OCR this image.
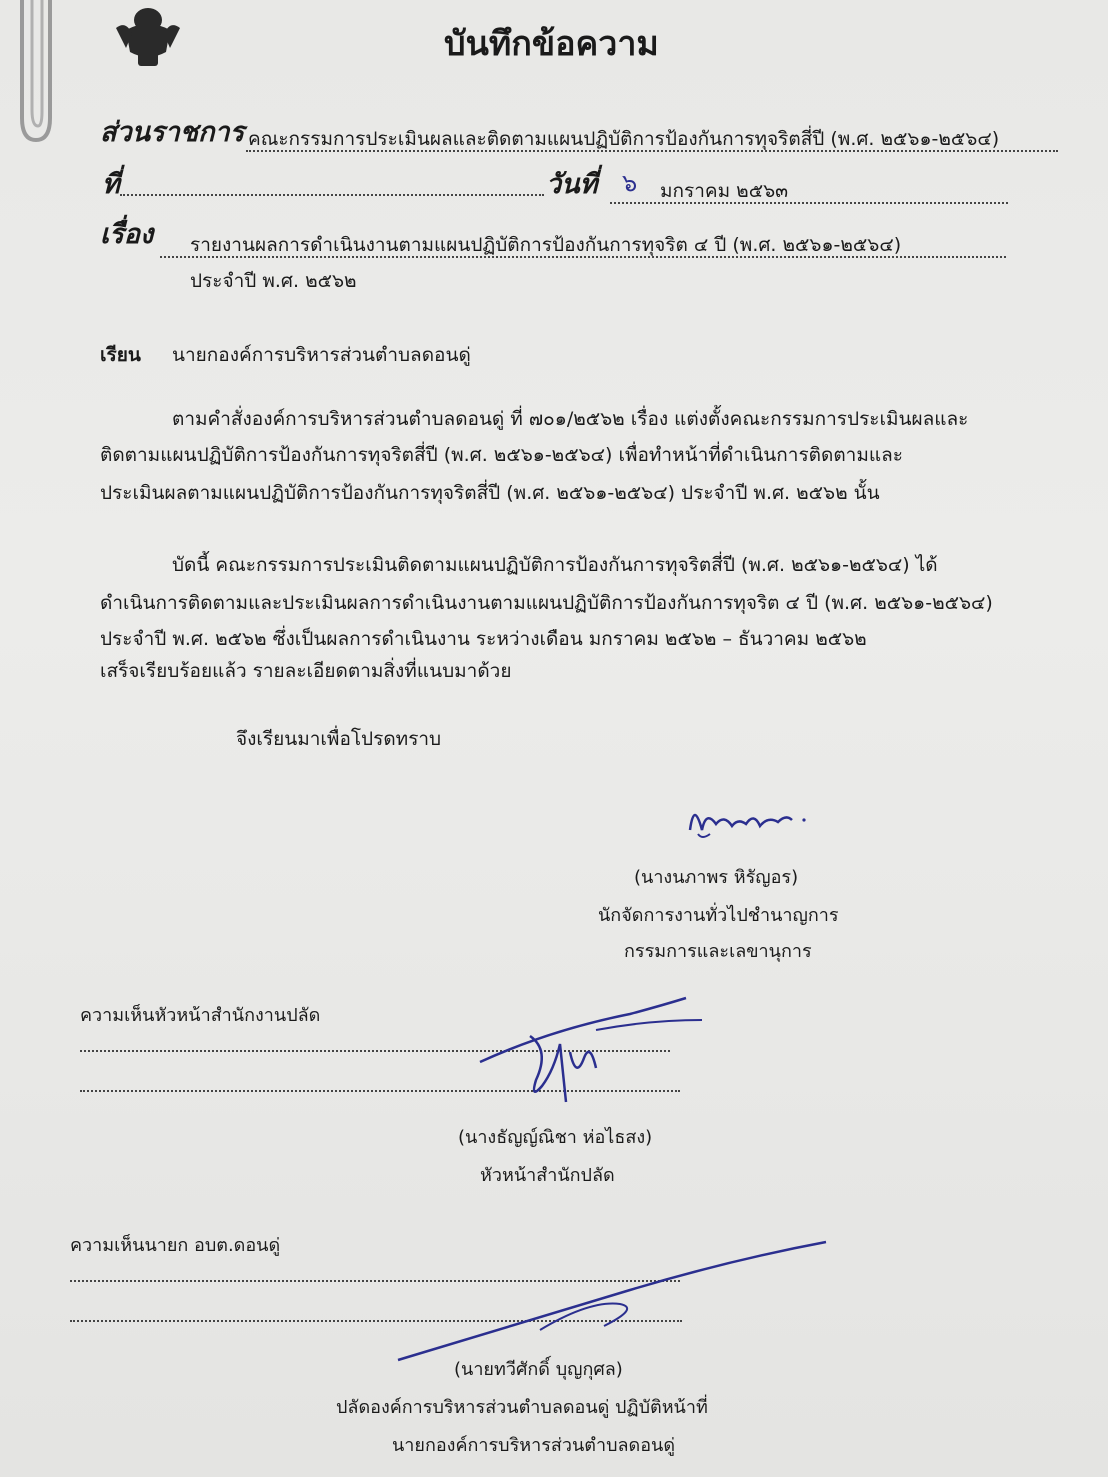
บันทึกข้อความ
ส่วนราชการ คณะกรรมการประเมินผลและติดตามแผนปฏิบัติการป้องกันการทุจริตสี่ปี (พ.ศ. ๒๕๖๑-๒๕๖๔)
ที่	วันที่ ๖ มกราคม ๒๕๖๓
เรื่อง รายงานผลการดำเนินงานตามแผนปฏิบัติการป้องกันการทุจริต ๔ ปี (พ.ศ. ๒๕๖๑-๒๕๖๔)
ประจำปี พ.ศ. ๒๕๖๒
เรียน นายกองค์การบริหารส่วนตำบลดอนดู่
ตามคำสั่งองค์การบริหารส่วนตำบลดอนดู่ ที่ ๗๐๑/๒๕๖๒ เรื่อง แต่งตั้งคณะกรรมการประเมินผลและ
ติดตามแผนปฏิบัติการป้องกันการทุจริตสี่ปี (พ.ศ. ๒๕๖๑-๒๕๖๔) เพื่อทำหน้าที่ดำเนินการติดตามและ
ประเมินผลตามแผนปฏิบัติการป้องกันการทุจริตสี่ปี (พ.ศ. ๒๕๖๑-๒๕๖๔) ประจำปี พ.ศ. ๒๕๖๒ นั้น
บัดนี้ คณะกรรมการประเมินติดตามแผนปฏิบัติการป้องกันการทุจริตสี่ปี (พ.ศ. ๒๕๖๑-๒๕๖๔) ได้
ดำเนินการติดตามและประเมินผลการดำเนินงานตามแผนปฏิบัติการป้องกันการทุจริต ๔ ปี (พ.ศ. ๒๕๖๑-๒๕๖๔)
ประจำปี พ.ศ. ๒๕๖๒ ซึ่งเป็นผลการดำเนินงาน ระหว่างเดือน มกราคม ๒๕๖๒ – ธันวาคม ๒๕๖๒
เสร็จเรียบร้อยแล้ว รายละเอียดตามสิ่งที่แนบมาด้วย
จึงเรียนมาเพื่อโปรดทราบ
(นางนภาพร หิรัญอร)
นักจัดการงานทั่วไปชำนาญการ
กรรมการและเลขานุการ
ความเห็นหัวหน้าสำนักงานปลัด
(นางธัญญ์ณิชา ห่อไธสง)
หัวหน้าสำนักปลัด
ความเห็นนายก อบต.ดอนดู่
(นายทวีศักดิ์ บุญกุศล)
ปลัดองค์การบริหารส่วนตำบลดอนดู่ ปฏิบัติหน้าที่
นายกองค์การบริหารส่วนตำบลดอนดู่
